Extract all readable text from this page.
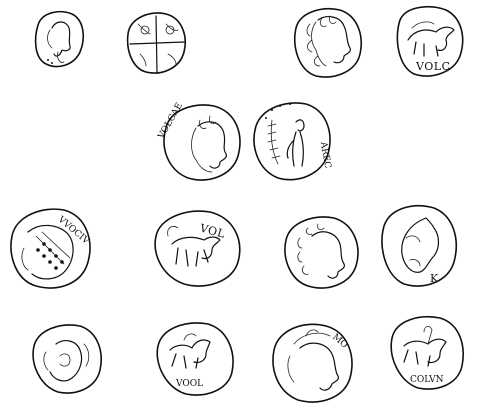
VOLC
VOLCAE
AREC
VVOCIV	VOL
K
VOOL
MO
COLVN
